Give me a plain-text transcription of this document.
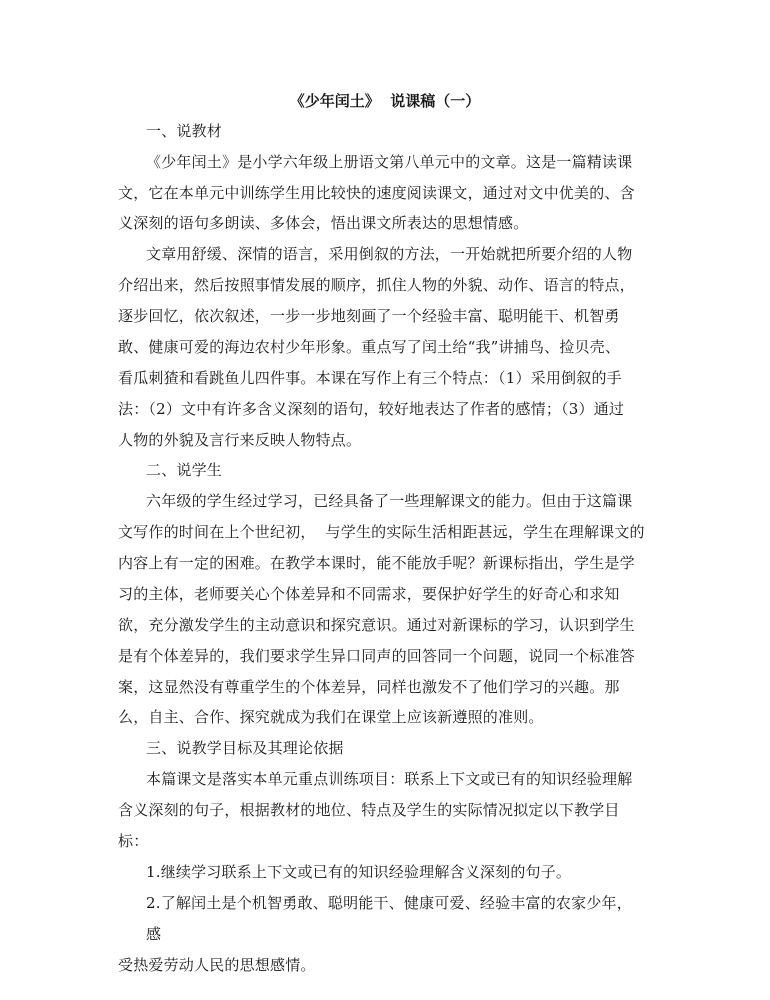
《少年闰土》  说课稿（一）
一、说教材
《少年闰土》是小学六年级上册语文第八单元中的文章。这是一篇精读课
文，它在本单元中训练学生用比较快的速度阅读课文，通过对文中优美的、含
义深刻的语句多朗读、多体会，悟出课文所表达的思想情感。
文章用舒缓、深情的语言，采用倒叙的方法，一开始就把所要介绍的人物
介绍出来，然后按照事情发展的顺序，抓住人物的外貌、动作、语言的特点，
逐步回忆，依次叙述，一步一步地刻画了一个经验丰富、聪明能干、机智勇
敢、健康可爱的海边农村少年形象。重点写了闰土给“我”讲捕鸟、捡贝壳、
看瓜刺猹和看跳鱼儿四件事。本课在写作上有三个特点：（1）采用倒叙的手
法：（2）文中有许多含义深刻的语句，较好地表达了作者的感情；（3）通过
人物的外貌及言行来反映人物特点。
二、说学生
六年级的学生经过学习，已经具备了一些理解课文的能力。但由于这篇课
文写作的时间在上个世纪初，  与学生的实际生活相距甚远，学生在理解课文的
内容上有一定的困难。在教学本课时，能不能放手呢？新课标指出，学生是学
习的主体，老师要关心个体差异和不同需求，要保护好学生的好奇心和求知
欲，充分激发学生的主动意识和探究意识。通过对新课标的学习，认识到学生
是有个体差异的，我们要求学生异口同声的回答同一个问题，说同一个标准答
案，这显然没有尊重学生的个体差异，同样也激发不了他们学习的兴趣。那
么，自主、合作、探究就成为我们在课堂上应该新遵照的准则。
三、说教学目标及其理论依据
本篇课文是落实本单元重点训练项目：联系上下文或已有的知识经验理解
含义深刻的句子，根据教材的地位、特点及学生的实际情况拟定以下教学目
标：
1.继续学习联系上下文或已有的知识经验理解含义深刻的句子。
2.了解闰土是个机智勇敢、聪明能干、健康可爱、经验丰富的农家少年，
感
受热爱劳动人民的思想感情。
